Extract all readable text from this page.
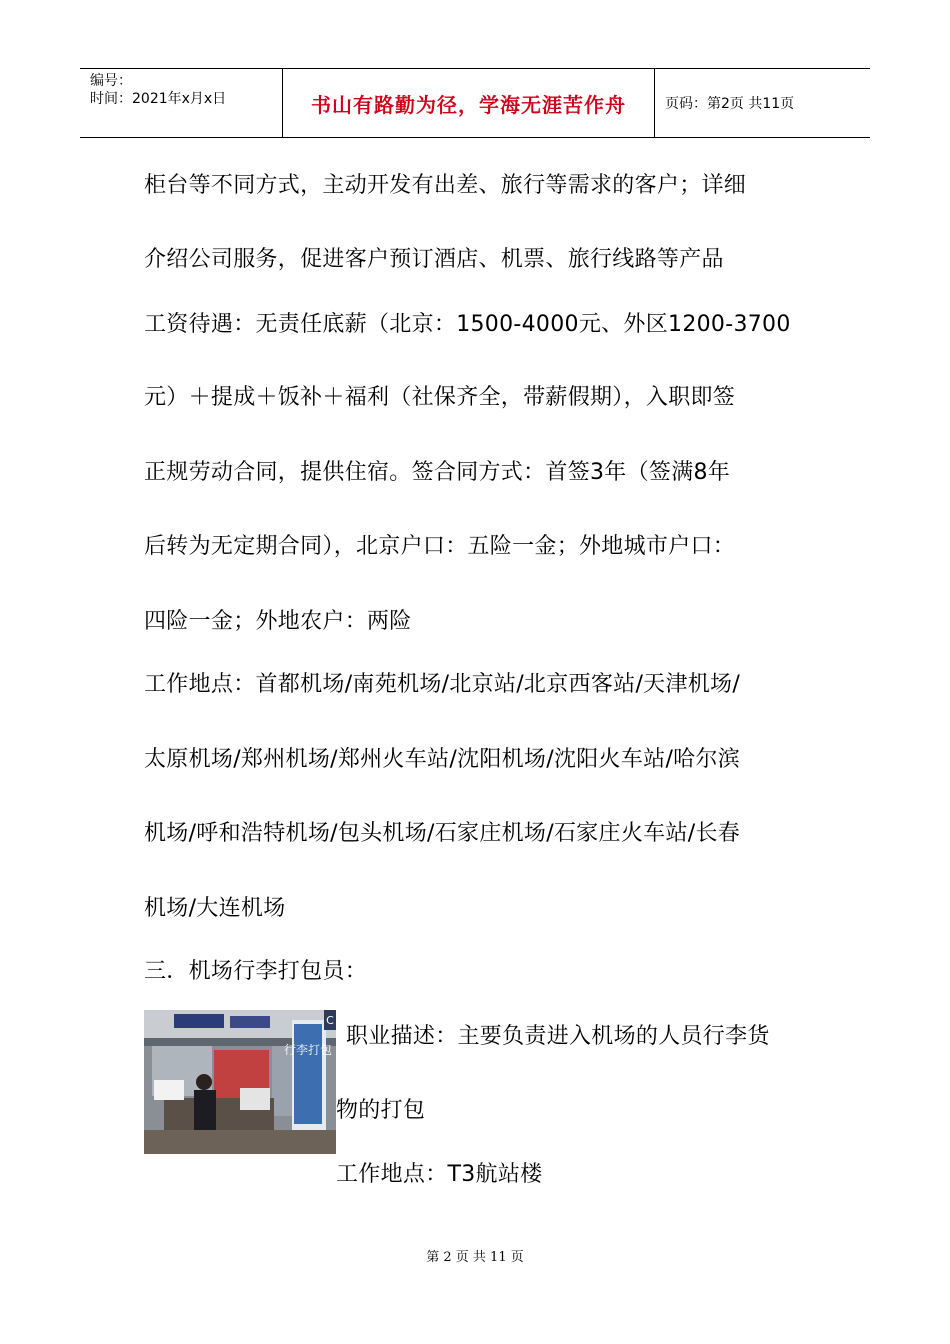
编号：
时间：2021年x月x日	书山有路勤为径，学海无涯苦作舟	页码：第2页 共11页
柜台等不同方式，主动开发有出差、旅行等需求的客户；详细
介绍公司服务，促进客户预订酒店、机票、旅行线路等产品
工资待遇：无责任底薪（北京：1500-4000元、外区1200-3700
元）＋提成＋饭补＋福利（社保齐全，带薪假期），入职即签
正规劳动合同，提供住宿。签合同方式：首签3年（签满8年
后转为无定期合同），北京户口：五险一金；外地城市户口：
四险一金；外地农户：两险
工作地点：首都机场/南苑机场/北京站/北京西客站/天津机场/
太原机场/郑州机场/郑州火车站/沈阳机场/沈阳火车站/哈尔滨
机场/呼和浩特机场/包头机场/石家庄机场/石家庄火车站/长春
机场/大连机场
三．机场行李打包员：
行李打包
C
职业描述：主要负责进入机场的人员行李货
物的打包
工作地点：T3航站楼
第 2 页 共 11 页
